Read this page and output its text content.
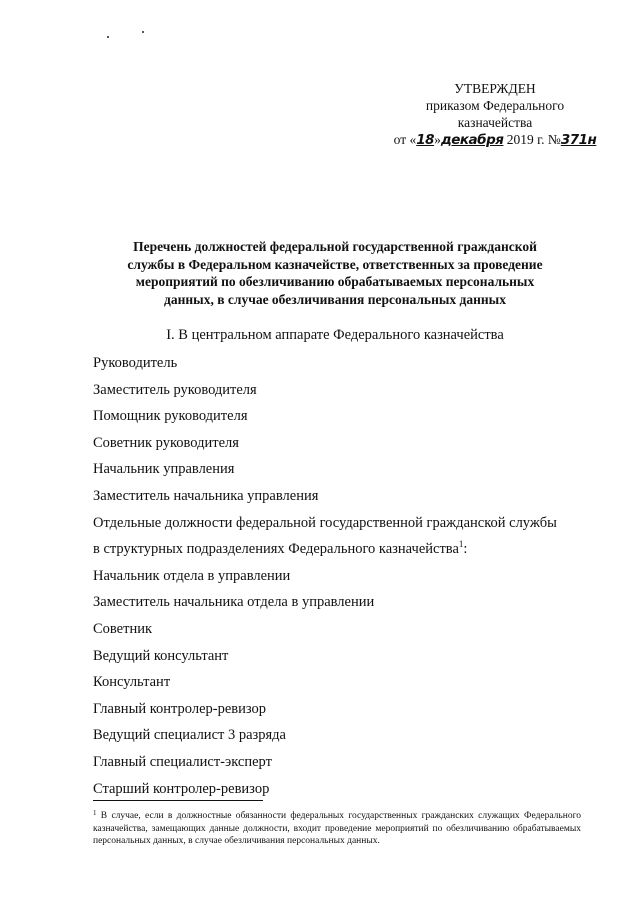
УТВЕРЖДЕН
приказом Федерального
казначейства
от «18»декабря 2019 г. №371н
Перечень должностей федеральной государственной гражданской
службы в Федеральном казначействе, ответственных за проведение
мероприятий по обезличиванию обрабатываемых персональных
данных, в случае обезличивания персональных данных
I. В центральном аппарате Федерального казначейства
Руководитель
Заместитель руководителя
Помощник руководителя
Советник руководителя
Начальник управления
Заместитель начальника управления
Отдельные должности федеральной государственной гражданской службы
в структурных подразделениях Федерального казначейства$^1$:
Начальник отдела в управлении
Заместитель начальника отдела в управлении
Советник
Ведущий консультант
Консультант
Главный контролер-ревизор
Ведущий специалист 3 разряда
Главный специалист-эксперт
Старший контролер-ревизор
$^1$ В случае, если в должностные обязанности федеральных государственных гражданских служащих Федерального казначейства, замещающих данные должности, входит проведение мероприятий по обезличиванию обрабатываемых персональных данных, в случае обезличивания персональных данных.
